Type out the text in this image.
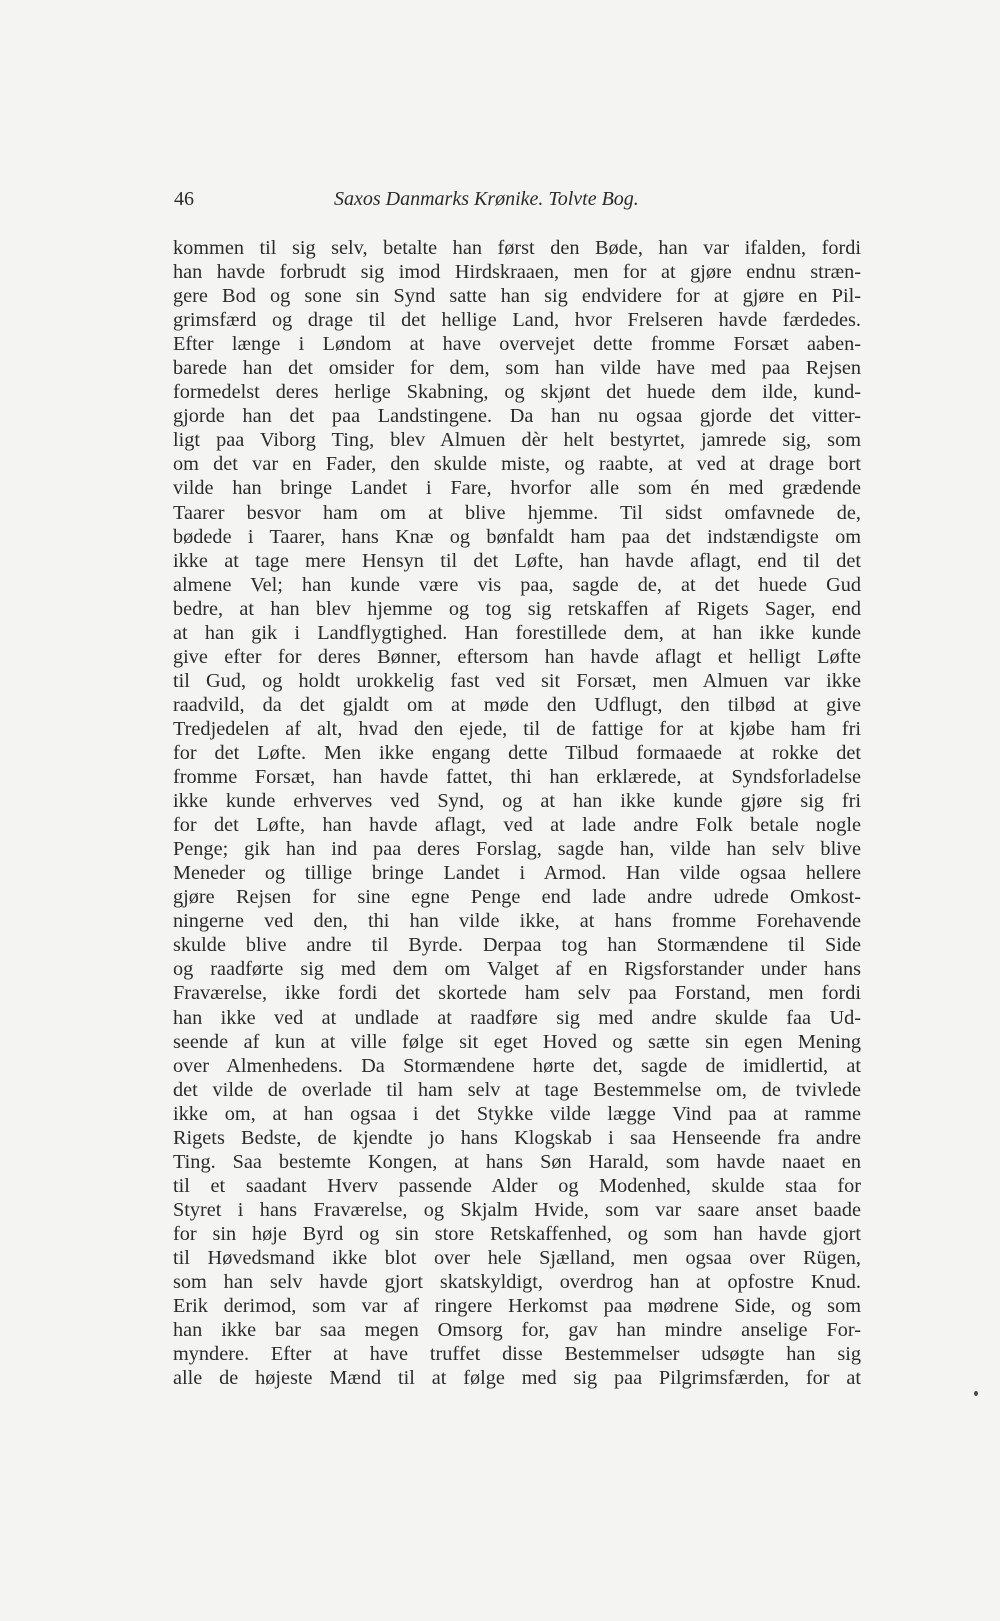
46	Saxos Danmarks Krønike. Tolvte Bog.
kommen til sig selv, betalte han først den Bøde, han var ifalden, fordi
han havde forbrudt sig imod Hirdskraaen, men for at gjøre endnu stræn-
gere Bod og sone sin Synd satte han sig endvidere for at gjøre en Pil-
grimsfærd og drage til det hellige Land, hvor Frelseren havde færdedes.
Efter længe i Løndom at have overvejet dette fromme Forsæt aaben-
barede han det omsider for dem, som han vilde have med paa Rejsen
formedelst deres herlige Skabning, og skjønt det huede dem ilde, kund-
gjorde han det paa Landstingene. Da han nu ogsaa gjorde det vitter-
ligt paa Viborg Ting, blev Almuen dèr helt bestyrtet, jamrede sig, som
om det var en Fader, den skulde miste, og raabte, at ved at drage bort
vilde han bringe Landet i Fare, hvorfor alle som én med grædende
Taarer besvor ham om at blive hjemme. Til sidst omfavnede de,
bødede i Taarer, hans Knæ og bønfaldt ham paa det indstændigste om
ikke at tage mere Hensyn til det Løfte, han havde aflagt, end til det
almene Vel; han kunde være vis paa, sagde de, at det huede Gud
bedre, at han blev hjemme og tog sig retskaffen af Rigets Sager, end
at han gik i Landflygtighed. Han forestillede dem, at han ikke kunde
give efter for deres Bønner, eftersom han havde aflagt et helligt Løfte
til Gud, og holdt urokkelig fast ved sit Forsæt, men Almuen var ikke
raadvild, da det gjaldt om at møde den Udflugt, den tilbød at give
Tredjedelen af alt, hvad den ejede, til de fattige for at kjøbe ham fri
for det Løfte. Men ikke engang dette Tilbud formaaede at rokke det
fromme Forsæt, han havde fattet, thi han erklærede, at Syndsforladelse
ikke kunde erhverves ved Synd, og at han ikke kunde gjøre sig fri
for det Løfte, han havde aflagt, ved at lade andre Folk betale nogle
Penge; gik han ind paa deres Forslag, sagde han, vilde han selv blive
Meneder og tillige bringe Landet i Armod. Han vilde ogsaa hellere
gjøre Rejsen for sine egne Penge end lade andre udrede Omkost-
ningerne ved den, thi han vilde ikke, at hans fromme Forehavende
skulde blive andre til Byrde. Derpaa tog han Stormændene til Side
og raadførte sig med dem om Valget af en Rigsforstander under hans
Fraværelse, ikke fordi det skortede ham selv paa Forstand, men fordi
han ikke ved at undlade at raadføre sig med andre skulde faa Ud-
seende af kun at ville følge sit eget Hoved og sætte sin egen Mening
over Almenhedens. Da Stormændene hørte det, sagde de imidlertid, at
det vilde de overlade til ham selv at tage Bestemmelse om, de tvivlede
ikke om, at han ogsaa i det Stykke vilde lægge Vind paa at ramme
Rigets Bedste, de kjendte jo hans Klogskab i saa Henseende fra andre
Ting. Saa bestemte Kongen, at hans Søn Harald, som havde naaet en
til et saadant Hverv passende Alder og Modenhed, skulde staa for
Styret i hans Fraværelse, og Skjalm Hvide, som var saare anset baade
for sin høje Byrd og sin store Retskaffenhed, og som han havde gjort
til Høvedsmand ikke blot over hele Sjælland, men ogsaa over Rügen,
som han selv havde gjort skatskyldigt, overdrog han at opfostre Knud.
Erik derimod, som var af ringere Herkomst paa mødrene Side, og som
han ikke bar saa megen Omsorg for, gav han mindre anselige For-
myndere. Efter at have truffet disse Bestemmelser udsøgte han sig
alle de højeste Mænd til at følge med sig paa Pilgrimsfærden, for at
